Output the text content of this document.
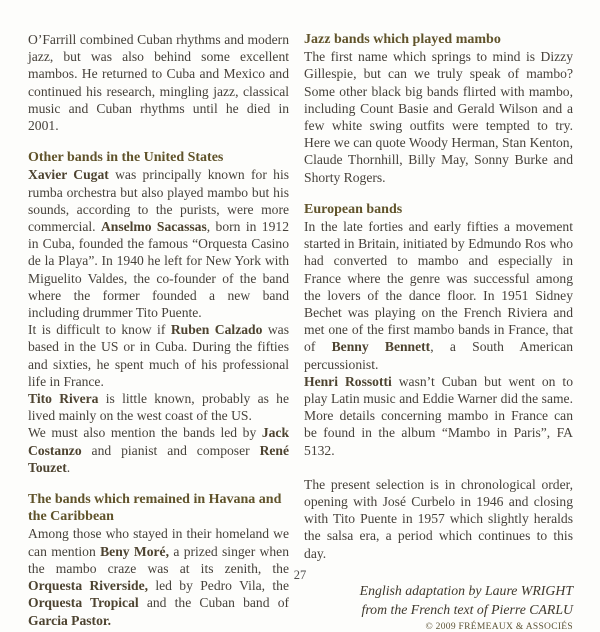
O’Farrill combined Cuban rhythms and modern jazz, but was also behind some excellent mambos. He returned to Cuba and Mexico and continued his research, mingling jazz, classical music and Cuban rhythms until he died in 2001.

Other bands in the United States

Xavier Cugat was principally known for his rumba orchestra but also played mambo but his sounds, according to the purists, were more commercial. Anselmo Sacassas, born in 1912 in Cuba, founded the famous “Orquesta Casino de la Playa”. In 1940 he left for New York with Miguelito Valdes, the co-founder of the band where the former founded a new band including drummer Tito Puente.

It is difficult to know if Ruben Calzado was based in the US or in Cuba. During the fifties and sixties, he spent much of his professional life in France.

Tito Rivera is little known, probably as he lived mainly on the west coast of the US.

We must also mention the bands led by Jack Costanzo and pianist and composer René Touzet.

The bands which remained in Havana and the Caribbean

Among those who stayed in their homeland we can mention Beny Moré, a prized singer when the mambo craze was at its zenith, the Orquesta Riverside, led by Pedro Vila, the Orquesta Tropical and the Cuban band of Garcia Pastor.

Jazz bands which played mambo

The first name which springs to mind is Dizzy Gillespie, but can we truly speak of mambo? Some other black big bands flirted with mambo, including Count Basie and Gerald Wilson and a few white swing outfits were tempted to try. Here we can quote Woody Herman, Stan Kenton, Claude Thornhill, Billy May, Sonny Burke and Shorty Rogers.

European bands

In the late forties and early fifties a movement started in Britain, initiated by Edmundo Ros who had converted to mambo and especially in France where the genre was successful among the lovers of the dance floor. In 1951 Sidney Bechet was playing on the French Riviera and met one of the first mambo bands in France, that of Benny Bennett, a South American percussionist.

Henri Rossotti wasn’t Cuban but went on to play Latin music and Eddie Warner did the same. More details concerning mambo in France can be found in the album “Mambo in Paris”, FA 5132.

The present selection is in chronological order, opening with José Curbelo in 1946 and closing with Tito Puente in 1957 which slightly heralds the salsa era, a period which continues to this day.

English adaptation by Laure WRIGHT
from the French text of Pierre CARLU
© 2009 FRÉMEAUX & ASSOCIÉS
27
